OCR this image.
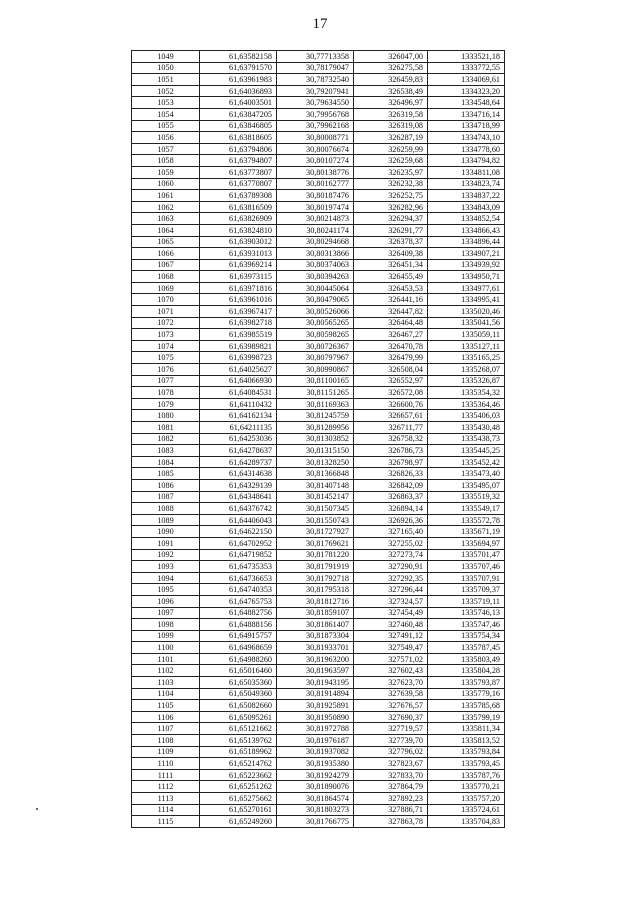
17
1049	61,63582158	30,77713358	326047,00	1333521,18
1050	61,63791570	30,78179047	326275,58	1333772,55
1051	61,63961983	30,78732540	326459,83	1334069,61
1052	61,64036893	30,79207941	326538,49	1334323,20
1053	61,64003501	30,79634550	326496,97	1334548,64
1054	61,63847205	30,79956768	326319,58	1334716,14
1055	61,63846805	30,79962168	326319,08	1334718,99
1056	61,63818605	30,80008771	326287,19	1334743,10
1057	61,63794806	30,80076674	326259,99	1334778,60
1058	61,63794807	30,80107274	326259,68	1334794,82
1059	61,63773807	30,80138776	326235,97	1334811,08
1060	61,63770807	30,80162777	326232,38	1334823,74
1061	61,63789308	30,80187476	326252,75	1334837,22
1062	61,63816509	30,80197474	326282,96	1334843,09
1063	61,63826909	30,80214873	326294,37	1334852,54
1064	61,63824810	30,80241174	326291,77	1334866,43
1065	61,63903012	30,80294668	326378,37	1334896,44
1066	61,63931013	30,80313866	326409,38	1334907,21
1067	61,63969214	30,80374063	326451,34	1334939,92
1068	61,63973115	30,80394263	326455,49	1334950,71
1069	61,63971816	30,80445064	326453,53	1334977,61
1070	61,63961016	30,80479065	326441,16	1334995,41
1071	61,63967417	30,80526066	326447,82	1335020,46
1072	61,63982718	30,80565265	326464,48	1335041,56
1073	61,63985519	30,80598265	326467,27	1335059,11
1074	61,63989821	30,80726367	326470,78	1335127,11
1075	61,63998723	30,80797967	326479,99	1335165,25
1076	61,64025627	30,80990867	326508,04	1335268,07
1077	61,64066930	30,81100165	326552,97	1335326,87
1078	61,64084531	30,81151265	326572,08	1335354,32
1079	61,64110432	30,81169363	326600,76	1335364,46
1080	61,64162134	30,81245759	326657,61	1335406,03
1081	61,64211135	30,81289956	326711,77	1335430,48
1082	61,64253036	30,81303852	326758,32	1335438,73
1083	61,64278637	30,81315150	326786,73	1335445,25
1084	61,64289737	30,81328250	326798,97	1335452,42
1085	61,64314638	30,81366848	326826,33	1335473,40
1086	61,64329139	30,81407148	326842,09	1335495,07
1087	61,64348641	30,81452147	326863,37	1335519,32
1088	61,64376742	30,81507345	326894,14	1335549,17
1089	61,64406043	30,81550743	326926,36	1335572,78
1090	61,64622150	30,81727927	327165,40	1335671,19
1091	61,64702952	30,81769621	327255,02	1335694,97
1092	61,64719852	30,81781220	327273,74	1335701,47
1093	61,64735353	30,81791919	327290,91	1335707,46
1094	61,64736653	30,81792718	327292,35	1335707,91
1095	61,64740353	30,81795318	327296,44	1335709,37
1096	61,64765753	30,81812716	327324,57	1335719,11
1097	61,64882756	30,81859107	327454,49	1335746,13
1098	61,64888156	30,81861407	327460,48	1335747,46
1099	61,64915757	30,81873304	327491,12	1335754,34
1100	61,64968659	30,81933701	327549,47	1335787,45
1101	61,64988260	30,81963200	327571,02	1335803,49
1102	61,65016460	30,81963597	327602,43	1335804,28
1103	61,65035360	30,81943195	327623,70	1335793,87
1104	61,65049360	30,81914894	327639,58	1335779,16
1105	61,65082660	30,81925891	327676,57	1335785,68
1106	61,65095261	30,81950890	327690,37	1335799,19
1107	61,65121662	30,81972788	327719,57	1335811,34
1108	61,65139762	30,81976187	327739,70	1335813,52
1109	61,65189962	30,81937082	327796,02	1335793,84
1110	61,65214762	30,81935380	327823,67	1335793,45
1111	61,65223662	30,81924279	327833,70	1335787,76
1112	61,65251262	30,81890076	327864,79	1335770,21
1113	61,65275662	30,81864574	327892,23	1335757,20
1114	61,65270161	30,81803273	327886,71	1335724,61
1115	61,65249260	30,81766775	327863,78	1335704,83
